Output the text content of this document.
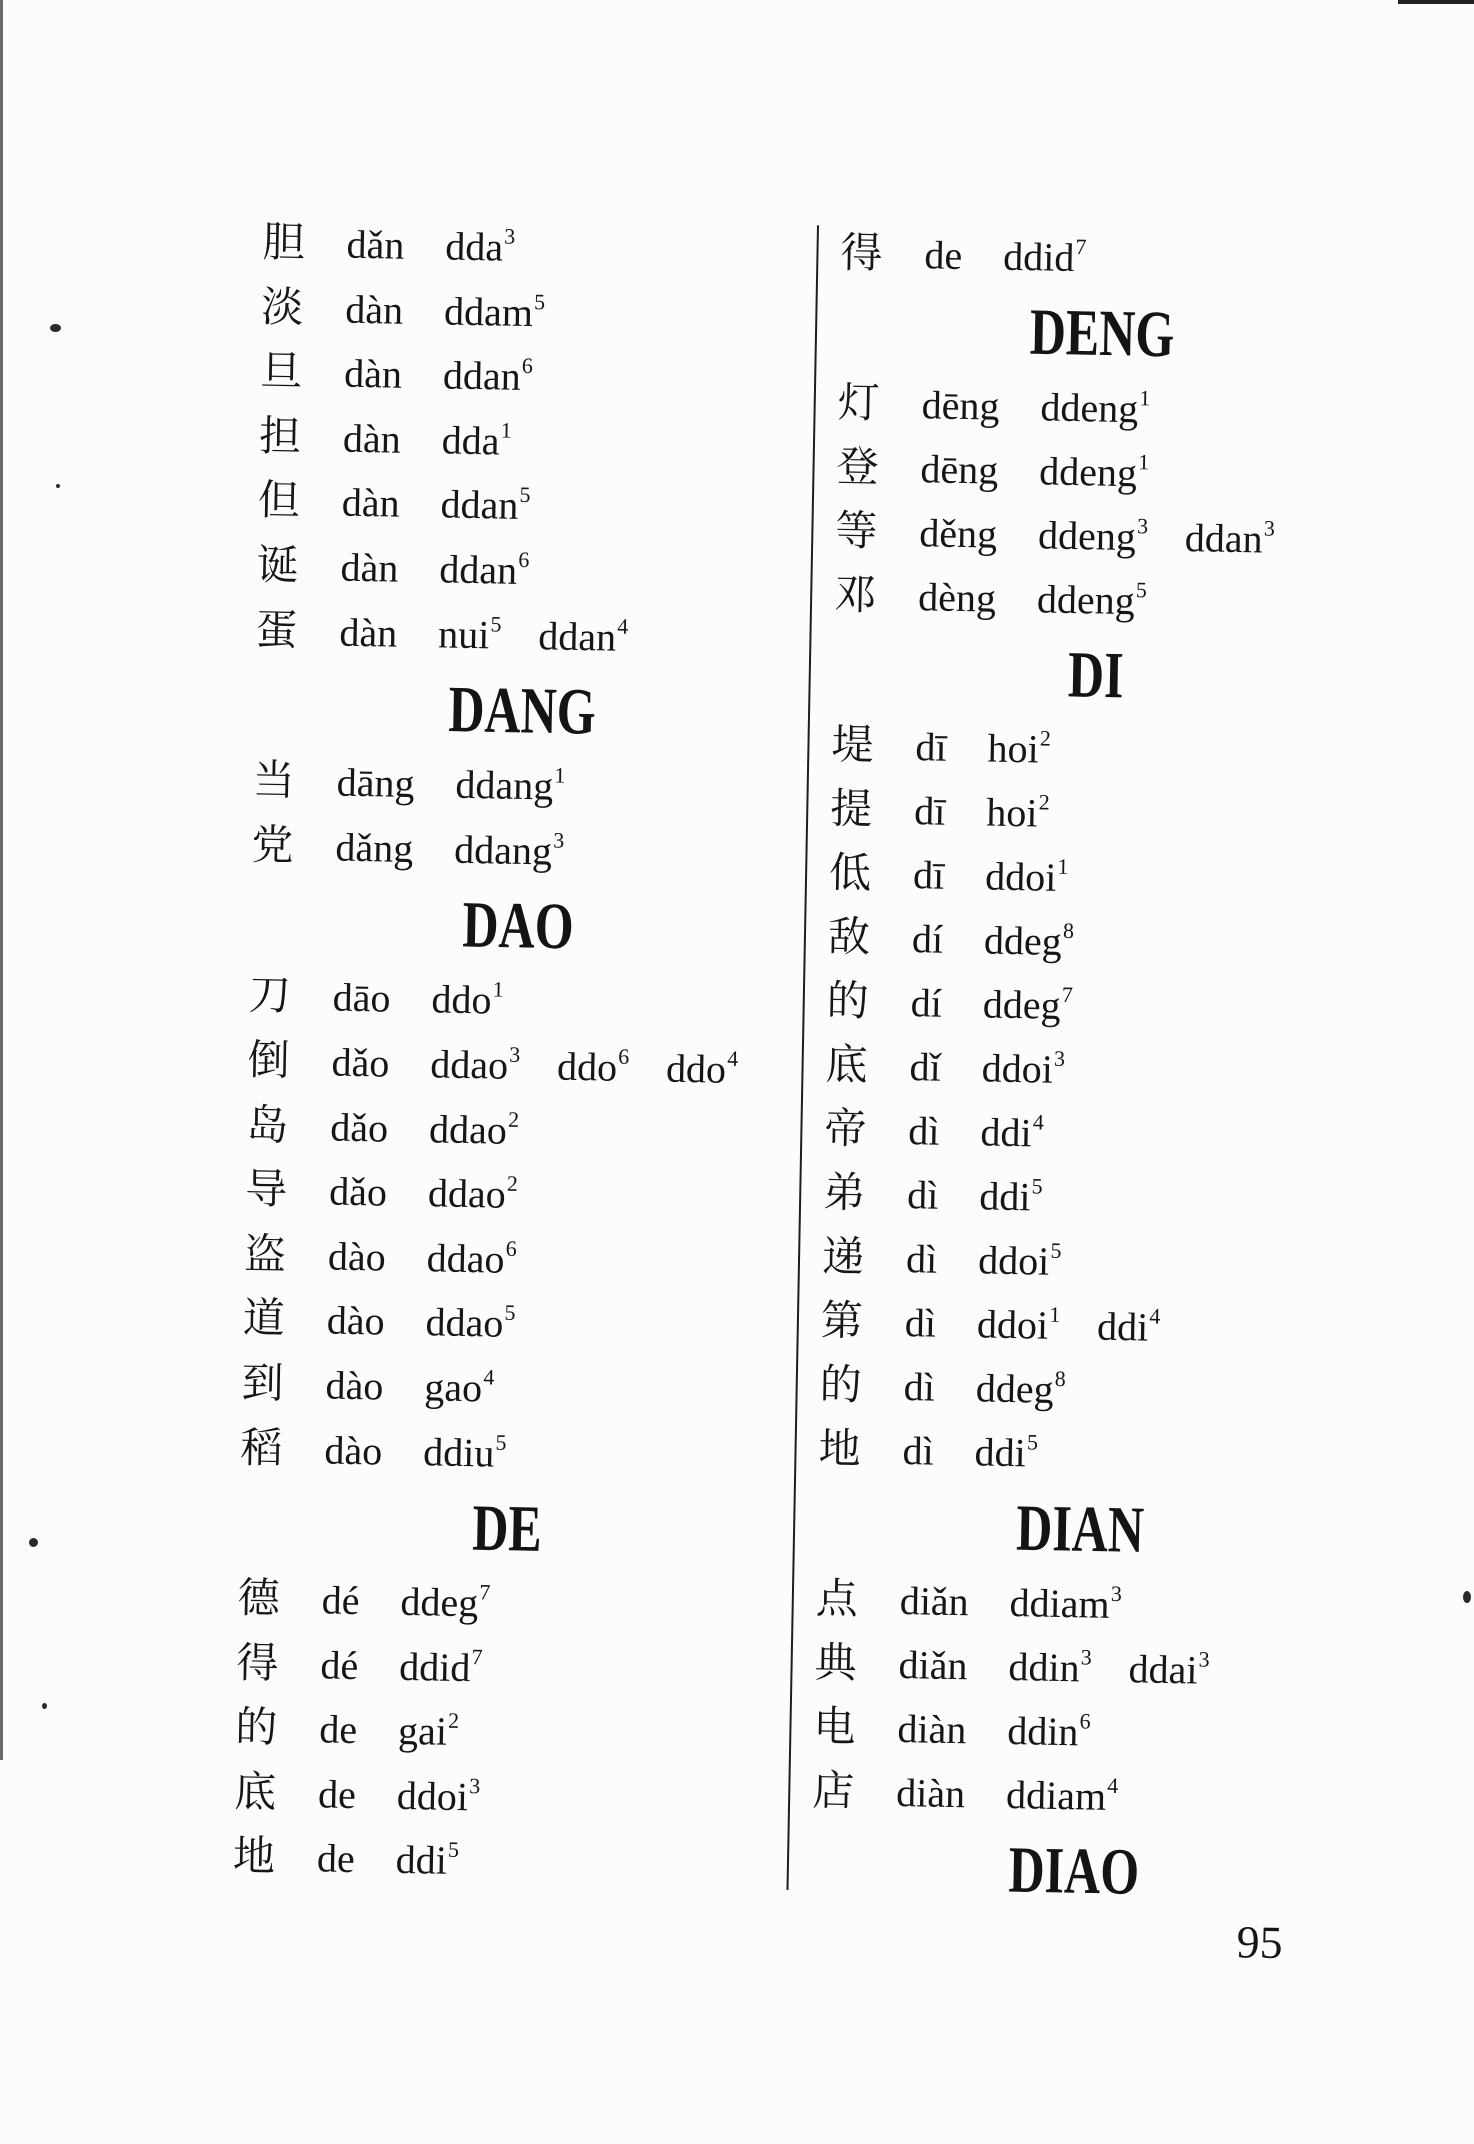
胆 dǎn dda$^3$
淡 dàn ddam$^5$
旦 dàn ddan$^6$
担 dàn dda$^1$
但 dàn ddan$^5$
诞 dàn ddan$^6$
蛋 dàn nui$^5$ ddan$^4$
DANG
当 dāng ddang$^1$
党 dǎng ddang$^3$
DAO
刀 dāo ddo$^1$
倒 dǎo ddao$^3$ ddo$^6$ ddo$^4$
岛 dǎo ddao$^2$
导 dǎo ddao$^2$
盗 dào ddao$^6$
道 dào ddao$^5$
到 dào gao$^4$
稻 dào ddiu$^5$
DE
德 dé ddeg$^7$
得 dé ddid$^7$
的 de gai$^2$
底 de ddoi$^3$
地 de ddi$^5$
得 de ddid$^7$
DENG
灯 dēng ddeng$^1$
登 dēng ddeng$^1$
等 děng ddeng$^3$ ddan$^3$
邓 dèng ddeng$^5$
DI
堤 dī hoi$^2$
提 dī hoi$^2$
低 dī ddoi$^1$
敌 dí ddeg$^8$
的 dí ddeg$^7$
底 dǐ ddoi$^3$
帝 dì ddi$^4$
弟 dì ddi$^5$
递 dì ddoi$^5$
第 dì ddoi$^1$ ddi$^4$
的 dì ddeg$^8$
地 dì ddi$^5$
DIAN
点 diǎn ddiam$^3$
典 diǎn ddin$^3$ ddai$^3$
电 diàn ddin$^6$
店 diàn ddiam$^4$
DIAO
95
